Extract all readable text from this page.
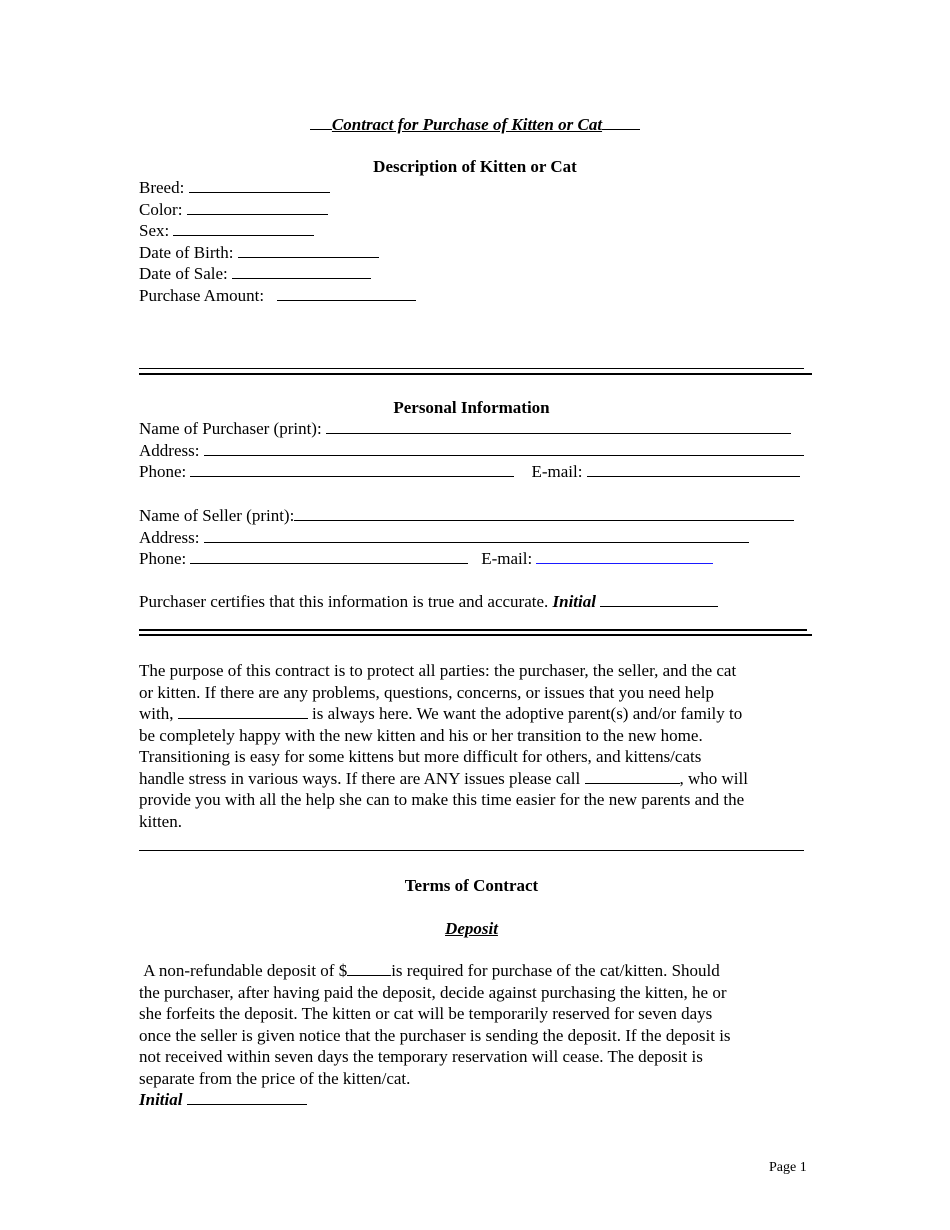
Contract for Purchase of Kitten or Cat
Description of Kitten or Cat
Breed:
Color:
Sex:
Date of Birth:
Date of Sale:
Purchase Amount:
Personal Information
Name of Purchaser (print):
Address:
Phone:	E-mail:
Name of Seller (print):
Address:
Phone:	E-mail:
Purchaser certifies that this information is true and accurate. Initial
The purpose of this contract is to protect all parties: the purchaser, the seller, and the cat
or kitten. If there are any problems, questions, concerns, or issues that you need help
with,	is always here. We want the adoptive parent(s) and/or family to
be completely happy with the new kitten and his or her transition to the new home.
Transitioning is easy for some kittens but more difficult for others, and kittens/cats
handle stress in various ways. If there are ANY issues please call	, who will
provide you with all the help she can to make this time easier for the new parents and the
kitten.
Terms of Contract
Deposit
A non-refundable deposit of $	is required for purchase of the cat/kitten. Should
the purchaser, after having paid the deposit, decide against purchasing the kitten, he or
she forfeits the deposit. The kitten or cat will be temporarily reserved for seven days
once the seller is given notice that the purchaser is sending the deposit. If the deposit is
not received within seven days the temporary reservation will cease. The deposit is
separate from the price of the kitten/cat.
Initial
Page 1
